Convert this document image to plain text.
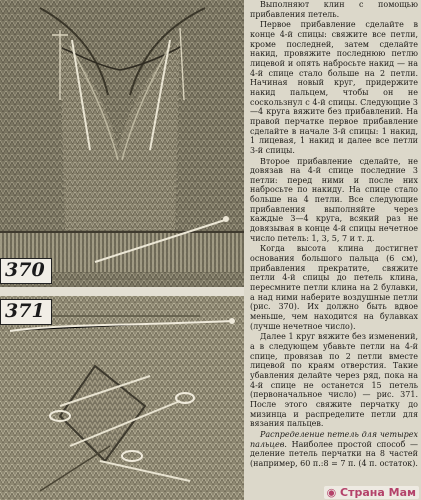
370
371

Выполняют клин с помощью прибавления петель.

Первое прибавление сделайте в конце 4-й спицы: свяжите все петли, кроме последней, затем сделайте накид, провяжите последнюю петлю лицевой и опять набросьте накид — на 4-й спице стало больше на 2 петли. Начиная новый круг, придержите накид пальцем, чтобы он не соскользнул с 4-й спицы. Следующие 3—4 круга вяжите без прибавлений. На правой перчатке первое прибавление сделайте в начале 3-й спицы: 1 накид, 1 лицевая, 1 накид и далее все петли 3-й спицы.

Второе прибавление сделайте, не довязав на 4-й спице последние 3 петли: перед ними и после них набросьте по накиду. На спице стало больше на 4 петли. Все следующие прибавления выполняйте через каждые 3—4 круга, всякий раз не довязывая в конце 4-й спицы нечетное число петель: 1, 3, 5, 7 и т. д.

Когда высота клина достигнет основания большого пальца (6 см), прибавления прекратите, свяжите петли 4-й спицы до петель клина, пересмните петли клина на 2 булавки, а над ними наберите воздушные петли (рис. 370). Их должно быть вдвое меньше, чем находится на булавках (лучше нечетное число).

Далее 1 круг вяжите без изменений, а в следующем убавьте петли на 4-й спице, провязав по 2 петли вместе лицевой по краям отверстия. Такие убавления делайте через ряд, пока на 4-й спице не останется 15 петель (первоначальное число) — рис. 371. После этого свяжите перчатку до мизинца и распределите петли для вязания пальцев.

Распределение петель для четырех пальцев. Наиболее простой способ — деление петель перчатки на 8 частей (например, 60 п.:8 = 7 п. (4 п. остаток).

◉ Страна Мам
